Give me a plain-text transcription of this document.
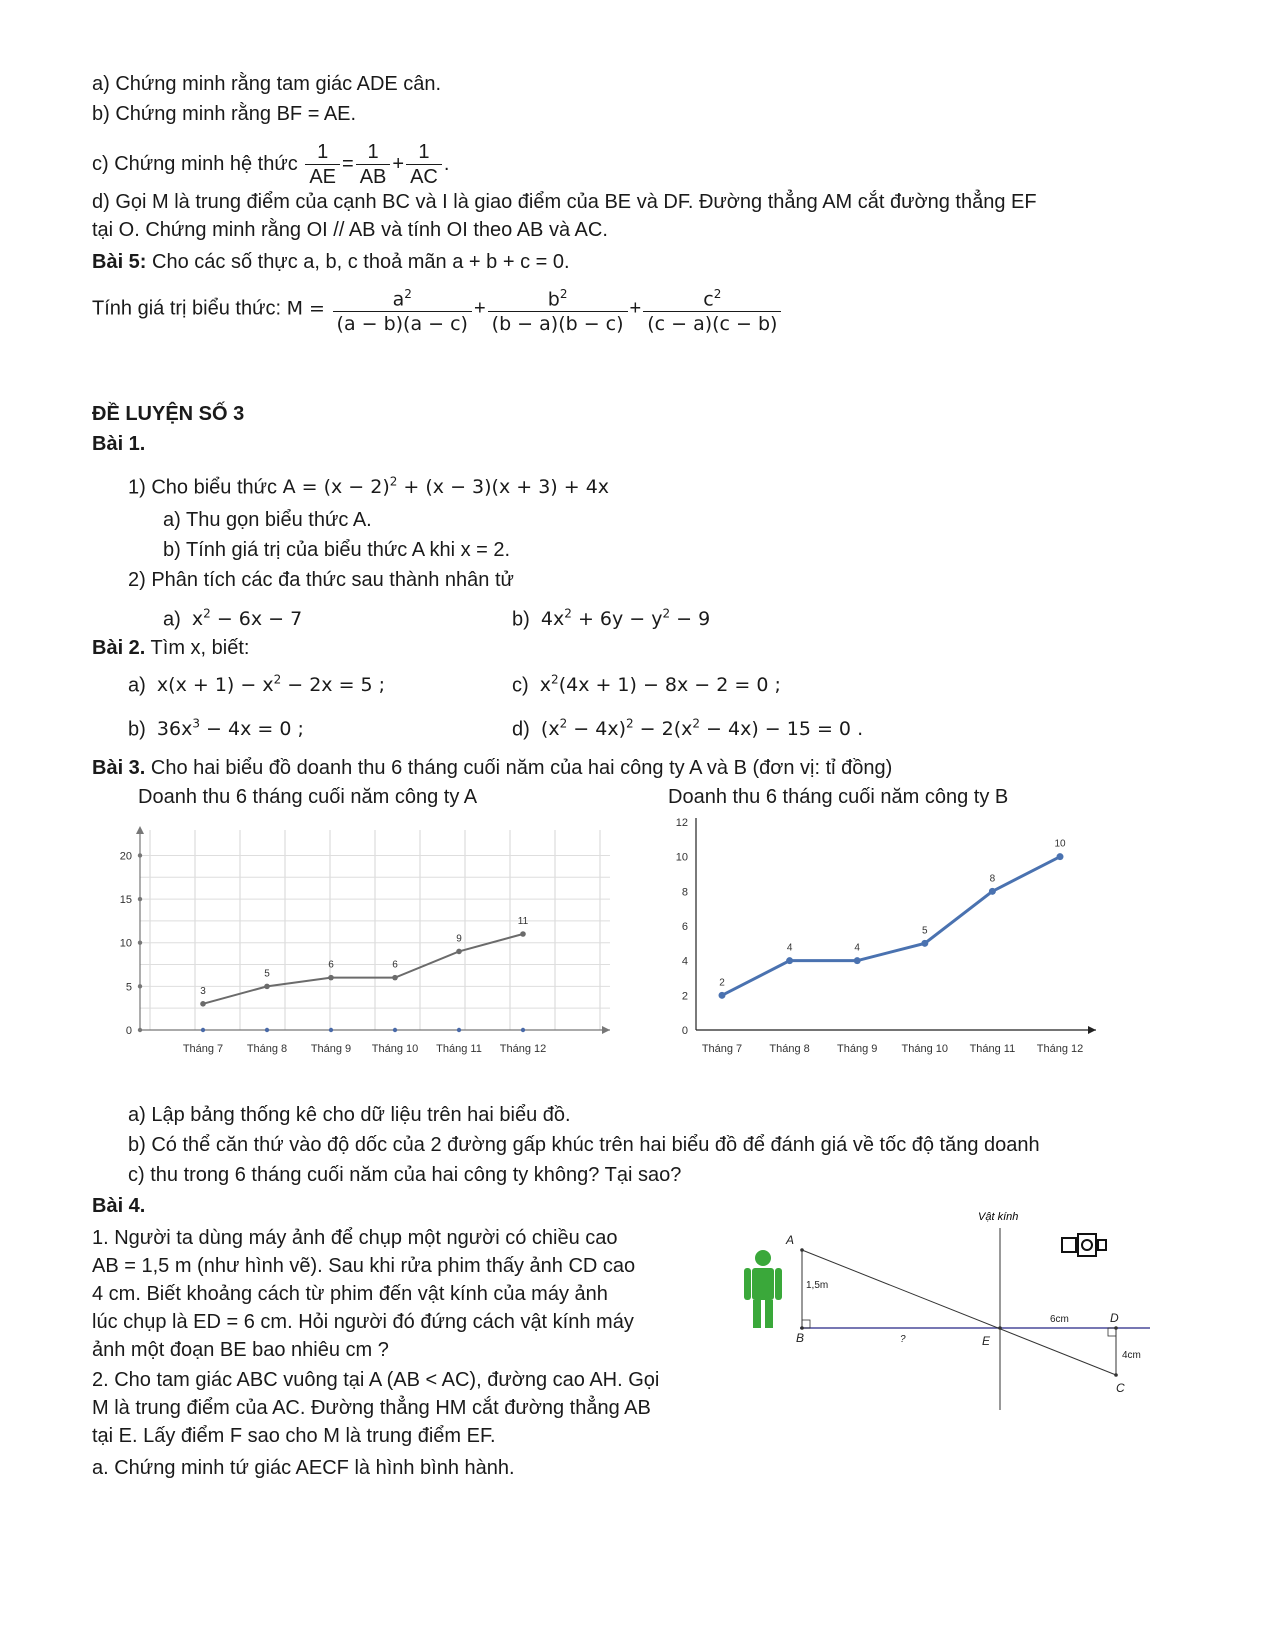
a) Chứng minh rằng tam giác ADE cân.
b) Chứng minh rằng BF = AE.
c) Chứng minh hệ thức $\frac{1}{AE} = \frac{1}{AB} + \frac{1}{AC}$ .
d) Gọi M là trung điểm của cạnh BC và I là giao điểm của BE và DF. Đường thẳng AM cắt đường thẳng EF
tại O. Chứng minh rằng OI // AB và tính OI theo AB và AC.
Bài 5: Cho các số thực a, b, c thoả mãn a + b + c = 0.
Tính giá trị biểu thức: $M = \frac{a^2}{(a - b)(a - c)} + \frac{b^2}{(b - a)(b - c)} + \frac{c^2}{(c - a)(c - b)}$
ĐỀ LUYỆN SỐ 3
Bài 1.
1) Cho biểu thức $A = (x - 2)^2 + (x - 3)(x + 3) + 4x$
a) Thu gọn biểu thức A.
b) Tính giá trị của biểu thức A khi x = 2.
2) Phân tích các đa thức sau thành nhân tử
a) $x^2 - 6x - 7$	b) $4x^2 + 6y - y^2 - 9$
Bài 2. Tìm x, biết:
a) $x(x + 1) - x^2 - 2x = 5$ ;	c) $x^2(4x + 1) - 8x - 2 = 0$ ;
b) $36x^3 - 4x = 0$ ;	d) $(x^2 - 4x)^2 - 2(x^2 - 4x) - 15 = 0$ .
Bài 3. Cho hai biểu đồ doanh thu 6 tháng cuối năm của hai công ty A và B (đơn vị: tỉ đồng)
Doanh thu 6 tháng cuối năm công ty A	Doanh thu 6 tháng cuối năm công ty B
0
5
10
15
20
Tháng 7 Tháng 8 Tháng 9 Tháng 10 Tháng 11 Tháng 12
3
5
6	6
9
11
0
2
4
6
8
10
12
Tháng 7 Tháng 8 Tháng 9 Tháng 10 Tháng 11 Tháng 12
2
4	4
5
8
10
a) Lập bảng thống kê cho dữ liệu trên hai biểu đồ.
b) Có thể căn thứ vào độ dốc của 2 đường gấp khúc trên hai biểu đồ để đánh giá về tốc độ tăng doanh
c) thu trong 6 tháng cuối năm của hai công ty không? Tại sao?
Bài 4.
1. Người ta dùng máy ảnh để chụp một người có chiều cao
AB = 1,5 m (như hình vẽ). Sau khi rửa phim thấy ảnh CD cao
4 cm. Biết khoảng cách từ phim đến vật kính của máy ảnh
lúc chụp là ED = 6 cm. Hỏi người đó đứng cách vật kính máy
ảnh một đoạn BE bao nhiêu cm ?
2. Cho tam giác ABC vuông tại A (AB < AC), đường cao AH. Gọi
M là trung điểm của AC. Đường thẳng HM cắt đường thẳng AB
tại E. Lấy điểm F sao cho M là trung điểm EF.
a. Chứng minh tứ giác AECF là hình bình hành.
Vật kính
A
B	E
D
C
?
1,5m
6cm
4cm
